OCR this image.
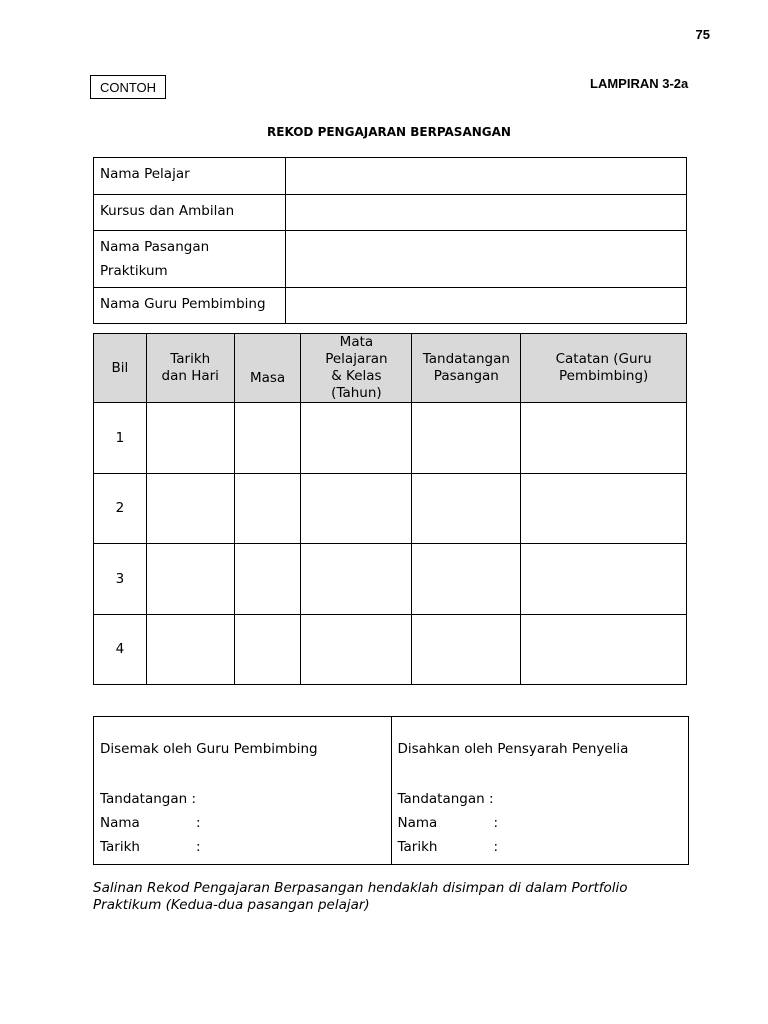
75
CONTOH	LAMPIRAN 3-2a
REKOD PENGAJARAN BERPASANGAN
Nama Pelajar	
Kursus dan Ambilan	
Nama Pasangan Praktikum	
Nama Guru Pembimbing	
Bil	Tarikh dan Hari	Masa	Mata Pelajaran & Kelas (Tahun)	Tandatangan Pasangan	Catatan (Guru Pembimbing)
1					
2					
3					
4					
Disemak oleh Guru Pembimbing
Tandatangan :
Nama	:
Tarikh	:

Disahkan oleh Pensyarah Penyelia
Tandatangan :
Nama	:
Tarikh	:
Salinan Rekod Pengajaran Berpasangan hendaklah disimpan di dalam Portfolio Praktikum (Kedua-dua pasangan pelajar)
